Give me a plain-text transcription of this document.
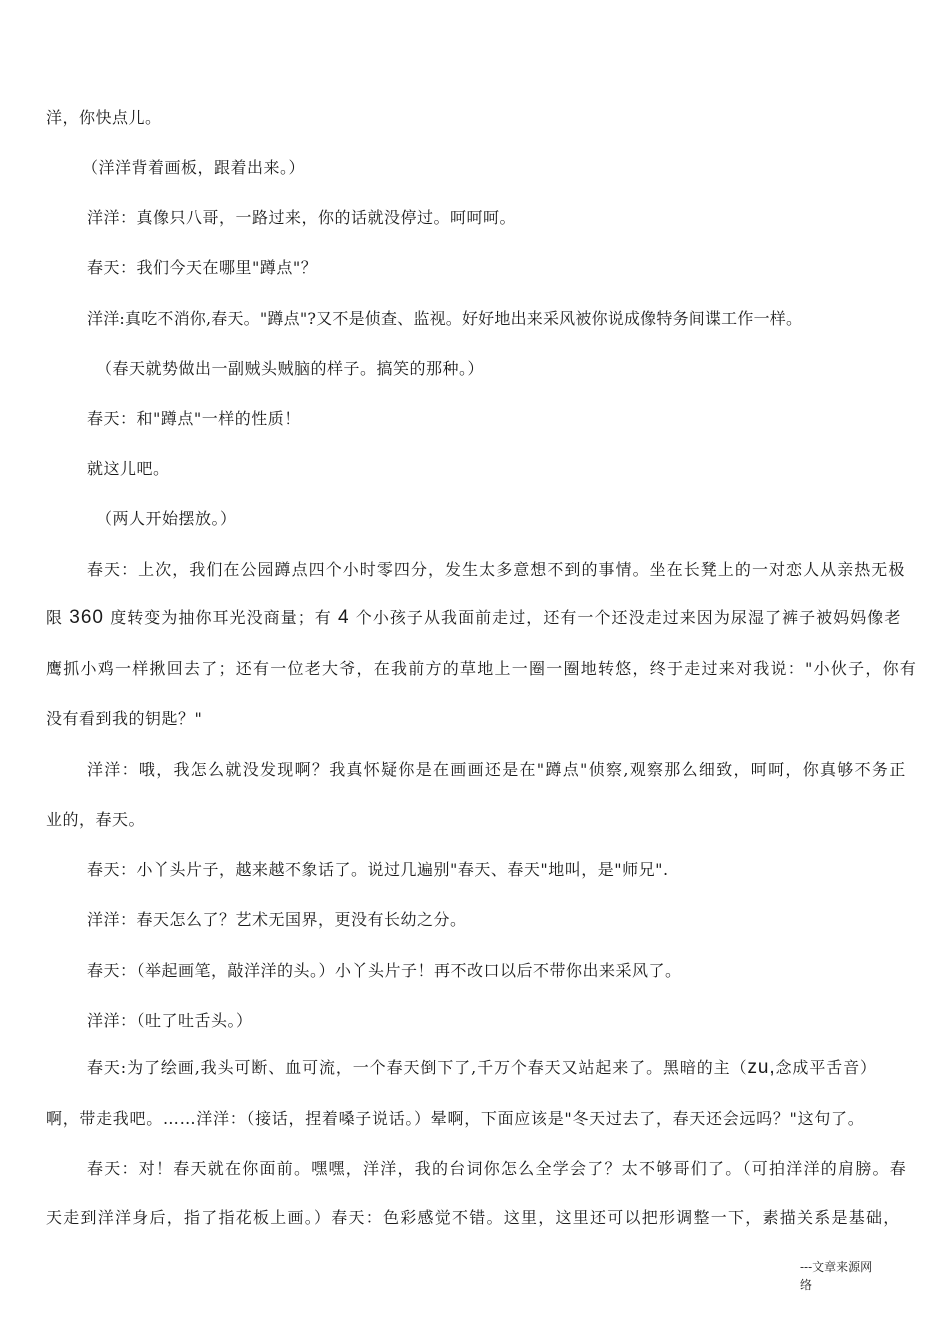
洋，你快点儿。
（洋洋背着画板，跟着出来。）
洋洋：真像只八哥，一路过来，你的话就没停过。呵呵呵。
春天：我们今天在哪里"蹲点"？
洋洋:真吃不消你,春天。"蹲点"?又不是侦查、监视。好好地出来采风被你说成像特务间谍工作一样。
（春天就势做出一副贼头贼脑的样子。搞笑的那种。）
春天：和"蹲点"一样的性质！
就这儿吧。
（两人开始摆放。）
春天：上次，我们在公园蹲点四个小时零四分，发生太多意想不到的事情。坐在长凳上的一对恋人从亲热无极
限 360 度转变为抽你耳光没商量；有 4 个小孩子从我面前走过，还有一个还没走过来因为尿湿了裤子被妈妈像老
鹰抓小鸡一样揪回去了；还有一位老大爷，在我前方的草地上一圈一圈地转悠，终于走过来对我说："小伙子，你有
没有看到我的钥匙？"
洋洋：哦，我怎么就没发现啊？我真怀疑你是在画画还是在"蹲点"侦察,观察那么细致，呵呵，你真够不务正
业的，春天。
春天：小丫头片子，越来越不象话了。说过几遍别"春天、春天"地叫，是"师兄".
洋洋：春天怎么了？艺术无国界，更没有长幼之分。
春天：（举起画笔，敲洋洋的头。）小丫头片子！再不改口以后不带你出来采风了。
洋洋：（吐了吐舌头。）
春天:为了绘画,我头可断、血可流，一个春天倒下了,千万个春天又站起来了。黑暗的主（zu,念成平舌音）
啊，带走我吧。……洋洋：（接话，捏着嗓子说话。）晕啊，下面应该是"冬天过去了，春天还会远吗？"这句了。
春天：对！春天就在你面前。嘿嘿，洋洋，我的台词你怎么全学会了？太不够哥们了。（可拍洋洋的肩膀。春
天走到洋洋身后，指了指花板上画。）春天：色彩感觉不错。这里，这里还可以把形调整一下，素描关系是基础，
---文章来源网
络
